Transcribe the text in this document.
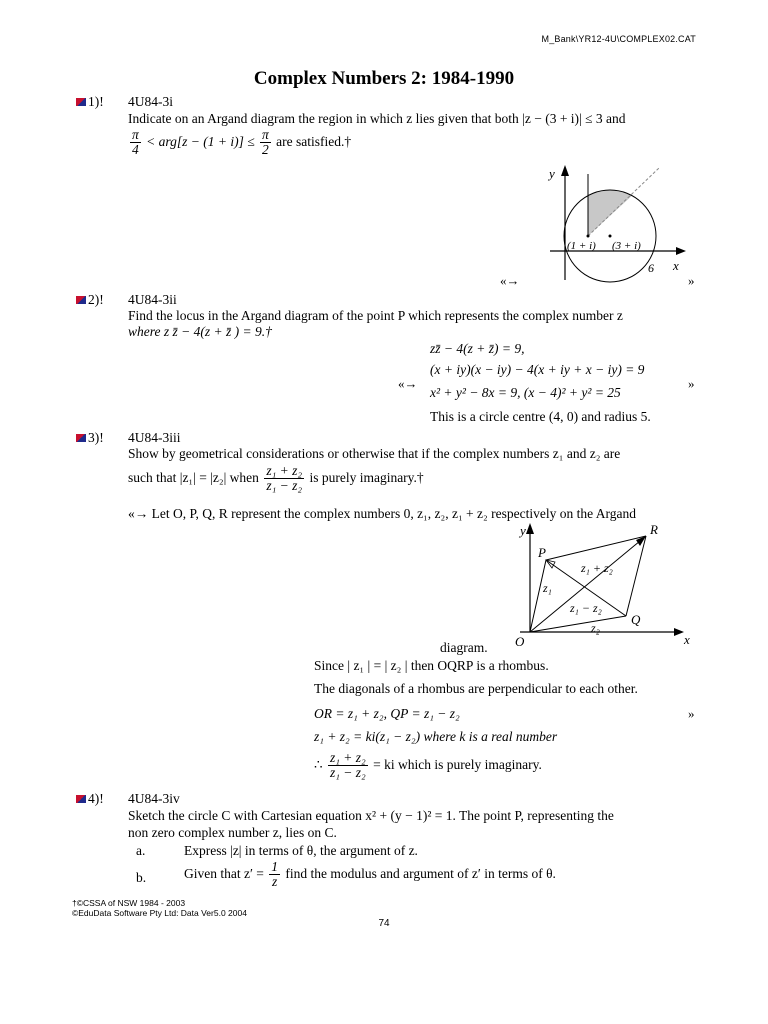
M_Bank\YR12-4U\COMPLEX02.CAT
Complex Numbers 2: 1984-1990
1)! 4U84-3i
Indicate on an Argand diagram the region in which z lies given that both |z − (3 + i)| ≤ 3 and
$\frac{\pi}{4} < arg[z - (1 + i)] \le \frac{\pi}{2}$ are satisfied.†
y
x
6
(1 + i) (3 + i)
«→	»
2)! 4U84-3ii
Find the locus in the Argand diagram of the point P which represents the complex number z
where z z̄ − 4(z + z̄ ) = 9.†
zz̄ − 4(z + z̄) = 9,
(x + iy)(x − iy) − 4(x + iy + x − iy) = 9
x² + y² − 8x = 9, (x − 4)² + y² = 25
This is a circle centre (4, 0) and radius 5.
«→	»
3)! 4U84-3iii
Show by geometrical considerations or otherwise that if the complex numbers z₁ and z₂ are
such that |z₁| = |z₂| when $\frac{\text{z₁ + z₂}}{\text{z₁ − z₂}}$ is purely imaginary.†
«→ Let O, P, Q, R represent the complex numbers 0, z₁, z₂, z₁ + z₂ respectively on the Argand
y
x
O
P
R
Q
z₁
z₂
z₁ + z₂
z₁ − z₂
diagram.
Since | z₁ | = | z₂ | then OQRP is a rhombus.
The diagonals of a rhombus are perpendicular to each other.
OR = z₁ + z₂, QP = z₁ − z₂	»
z₁ + z₂ = ki(z₁ − z₂) where k is a real number
∴ $\frac{\text{z₁ + z₂}}{\text{z₁ − z₂}}$ = ki which is purely imaginary.
4)! 4U84-3iv
Sketch the circle C with Cartesian equation x² + (y − 1)² = 1. The point P, representing the
non zero complex number z, lies on C.
a.	Express |z| in terms of θ, the argument of z.
b.	Given that $z' = \frac{1}{z}$ find the modulus and argument of z′ in terms of θ.
†©CSSA of NSW 1984 - 2003
©EduData Software Pty Ltd: Data Ver5.0 2004
74
